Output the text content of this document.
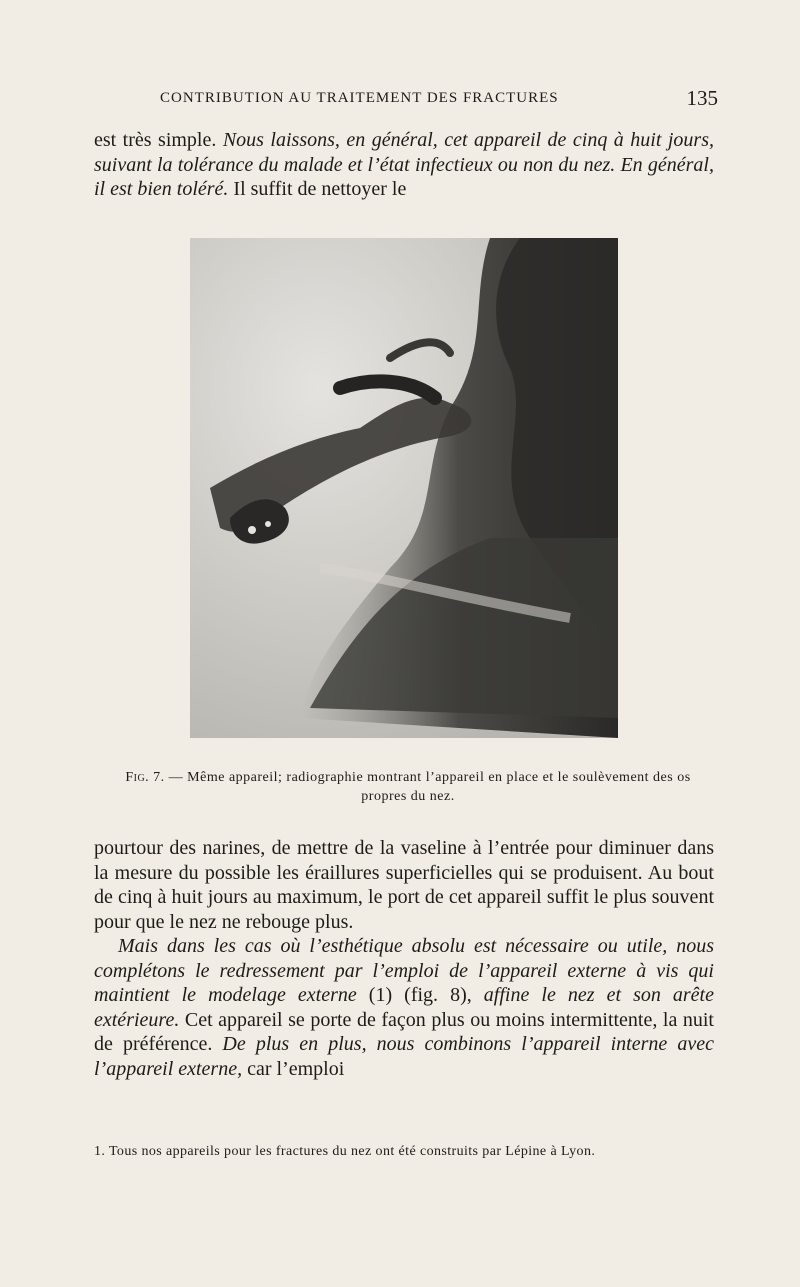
CONTRIBUTION AU TRAITEMENT DES FRACTURES	135

est très simple. Nous laissons, en général, cet appareil de cinq à huit jours, suivant la tolérance du malade et l’état infectieux ou non du nez. En général, il est bien toléré. Il suffit de nettoyer le

Fig. 7. — Même appareil; radiographie montrant l’appareil en place et le soulèvement des os propres du nez.

pourtour des narines, de mettre de la vaseline à l’entrée pour diminuer dans la mesure du possible les éraillures superficielles qui se produisent. Au bout de cinq à huit jours au maximum, le port de cet appareil suffit le plus souvent pour que le nez ne rebouge plus.

Mais dans les cas où l’esthétique absolu est nécessaire ou utile, nous complétons le redressement par l’emploi de l’appareil externe à vis qui maintient le modelage externe (1) (fig. 8), affine le nez et son arête extérieure. Cet appareil se porte de façon plus ou moins intermittente, la nuit de préférence. De plus en plus, nous combinons l’appareil interne avec l’appareil externe, car l’emploi

1. Tous nos appareils pour les fractures du nez ont été construits par Lépine à Lyon.
